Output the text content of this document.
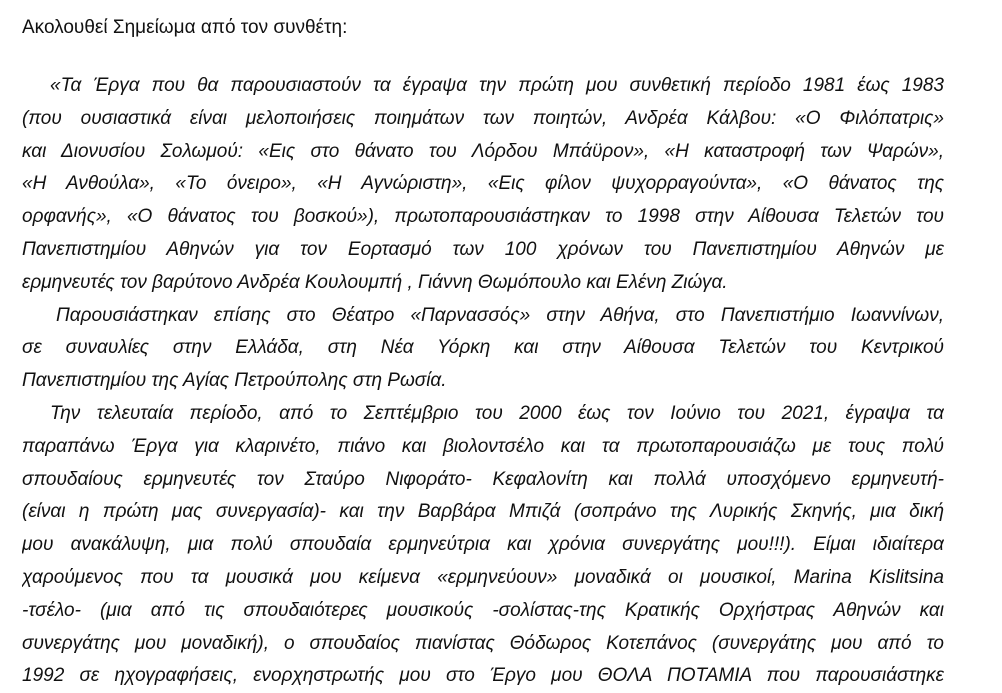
Ακολουθεί Σημείωμα από τον συνθέτη:
«Τα Έργα που θα παρουσιαστούν τα έγραψα την πρώτη μου συνθετική περίοδο 1981 έως 1983
(που ουσιαστικά είναι μελοποιήσεις ποιημάτων των ποιητών, Ανδρέα Κάλβου: «Ο Φιλόπατρις»
και Διονυσίου Σολωμού: «Εις στο θάνατο του Λόρδου Μπάϋρον», «Η καταστροφή των Ψαρών»,
«Η Ανθούλα», «Το όνειρο», «Η Αγνώριστη», «Εις φίλον ψυχορραγούντα», «Ο θάνατος της
ορφανής», «Ο θάνατος του βοσκού»), πρωτοπαρουσιάστηκαν το 1998 στην Αίθουσα Τελετών του
Πανεπιστημίου Αθηνών για τον Εορτασμό των 100 χρόνων του Πανεπιστημίου Αθηνών με
ερμηνευτές τον βαρύτονο Ανδρέα Κουλουμπή , Γιάννη Θωμόπουλο και Ελένη Ζιώγα.
Παρουσιάστηκαν επίσης στο Θέατρο «Παρνασσός» στην Αθήνα, στο Πανεπιστήμιο Ιωαννίνων,
σε συναυλίες στην Ελλάδα, στη Νέα Υόρκη και στην Αίθουσα Τελετών του Κεντρικού
Πανεπιστημίου της Αγίας Πετρούπολης στη Ρωσία.
Την τελευταία περίοδο, από το Σεπτέμβριο του 2000 έως τον Ιούνιο του 2021, έγραψα τα
παραπάνω Έργα για κλαρινέτο, πιάνο και βιολοντσέλο και τα πρωτοπαρουσιάζω με τους πολύ
σπουδαίους ερμηνευτές τον Σταύρο Νιφοράτο- Κεφαλονίτη και πολλά υποσχόμενο ερμηνευτή-
(είναι η πρώτη μας συνεργασία)- και την Βαρβάρα Μπιζά (σοπράνο της Λυρικής Σκηνής, μια δική
μου ανακάλυψη, μια πολύ σπουδαία ερμηνεύτρια και χρόνια συνεργάτης μου!!!). Είμαι ιδιαίτερα
χαρούμενος που τα μουσικά μου κείμενα «ερμηνεύουν» μοναδικά οι μουσικοί, Marina Kislitsina
-τσέλο- (μια από τις σπουδαιότερες μουσικούς -σολίστας-της Κρατικής Ορχήστρας Αθηνών και
συνεργάτης μου μοναδική), ο σπουδαίος πιανίστας Θόδωρος Κοτεπάνος (συνεργάτης μου από το
1992 σε ηχογραφήσεις, ενορχηστρωτής μου στο Έργο μου ΘΟΛΑ ΠΟΤΑΜΙΑ που παρουσιάστηκε
